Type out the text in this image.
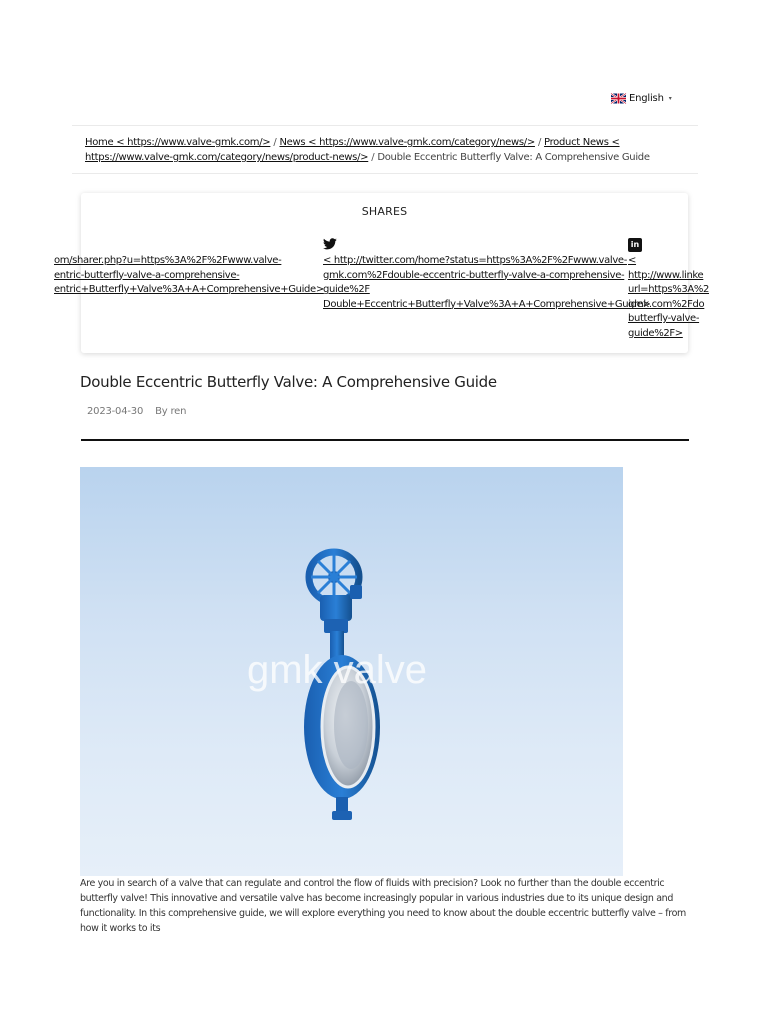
English ▾
Home < https://www.valve-gmk.com/> / News < https://www.valve-gmk.com/category/news/> / Product News <
https://www.valve-gmk.com/category/news/product-news/> / Double Eccentric Butterfly Valve: A Comprehensive Guide
SHARES
om/sharer.php?u=https%3A%2F%2Fwww.valve-
entric-butterfly-valve-a-comprehensive-
entric+Butterfly+Valve%3A+A+Comprehensive+Guide>
< http://twitter.com/home?status=https%3A%2F%2Fwww.valve-
gmk.com%2Fdouble-eccentric-butterfly-valve-a-comprehensive-
guide%2F
Double+Eccentric+Butterfly+Valve%3A+A+Comprehensive+Guide>
in
<
http://www.linke
url=https%3A%2
gmk.com%2Fdo
butterfly-valve-
guide%2F>
Double Eccentric Butterfly Valve: A Comprehensive Guide
2023-04-30 By ren
gmk valve

Are you in search of a valve that can regulate and control the flow of fluids with precision? Look no further than the double eccentric butterfly valve! This innovative and versatile valve has become increasingly popular in various industries due to its unique design and functionality. In this comprehensive guide, we will explore everything you need to know about the double eccentric butterfly valve – from how it works to its
